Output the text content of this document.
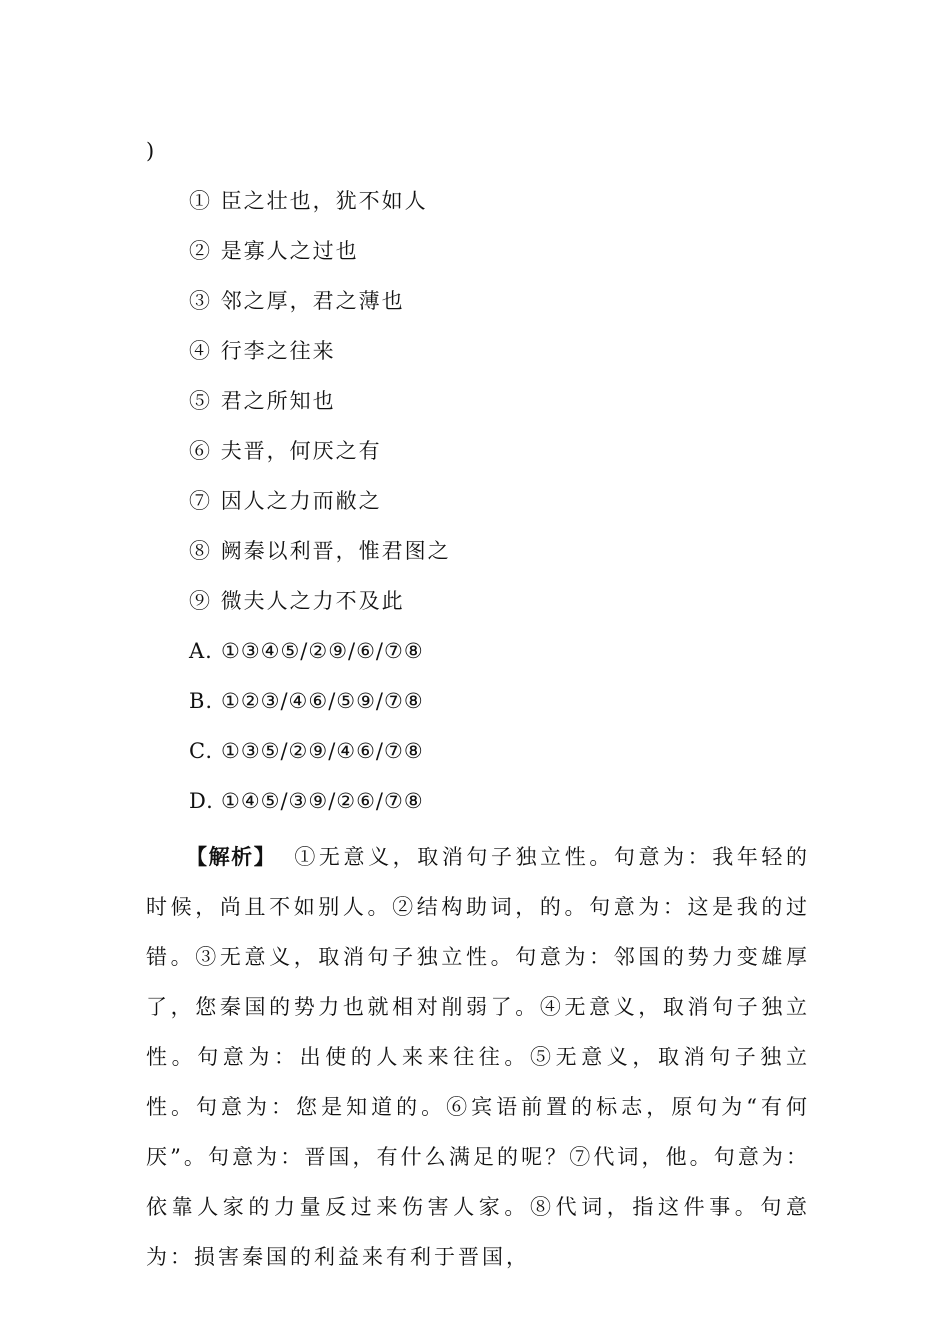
)
① 臣之壮也，犹不如人
② 是寡人之过也
③ 邻之厚，君之薄也
④ 行李之往来
⑤ 君之所知也
⑥ 夫晋，何厌之有
⑦ 因人之力而敝之
⑧ 阙秦以利晋，惟君图之
⑨ 微夫人之力不及此
A. ①③④⑤/②⑨/⑥/⑦⑧
B. ①②③/④⑥/⑤⑨/⑦⑧
C. ①③⑤/②⑨/④⑥/⑦⑧
D. ①④⑤/③⑨/②⑥/⑦⑧
【解析】 ①无意义，取消句子独立性。句意为：我年轻的时候，尚且不如别人。②结构助词，的。句意为：这是我的过错。③无意义，取消句子独立性。句意为：邻国的势力变雄厚了，您秦国的势力也就相对削弱了。④无意义，取消句子独立性。句意为：出使的人来来往往。⑤无意义，取消句子独立性。句意为：您是知道的。⑥宾语前置的标志，原句为“有何厌”。句意为：晋国，有什么满足的呢？⑦代词，他。句意为：依靠人家的力量反过来伤害人家。⑧代词，指这件事。句意为：损害秦国的利益来有利于晋国，
